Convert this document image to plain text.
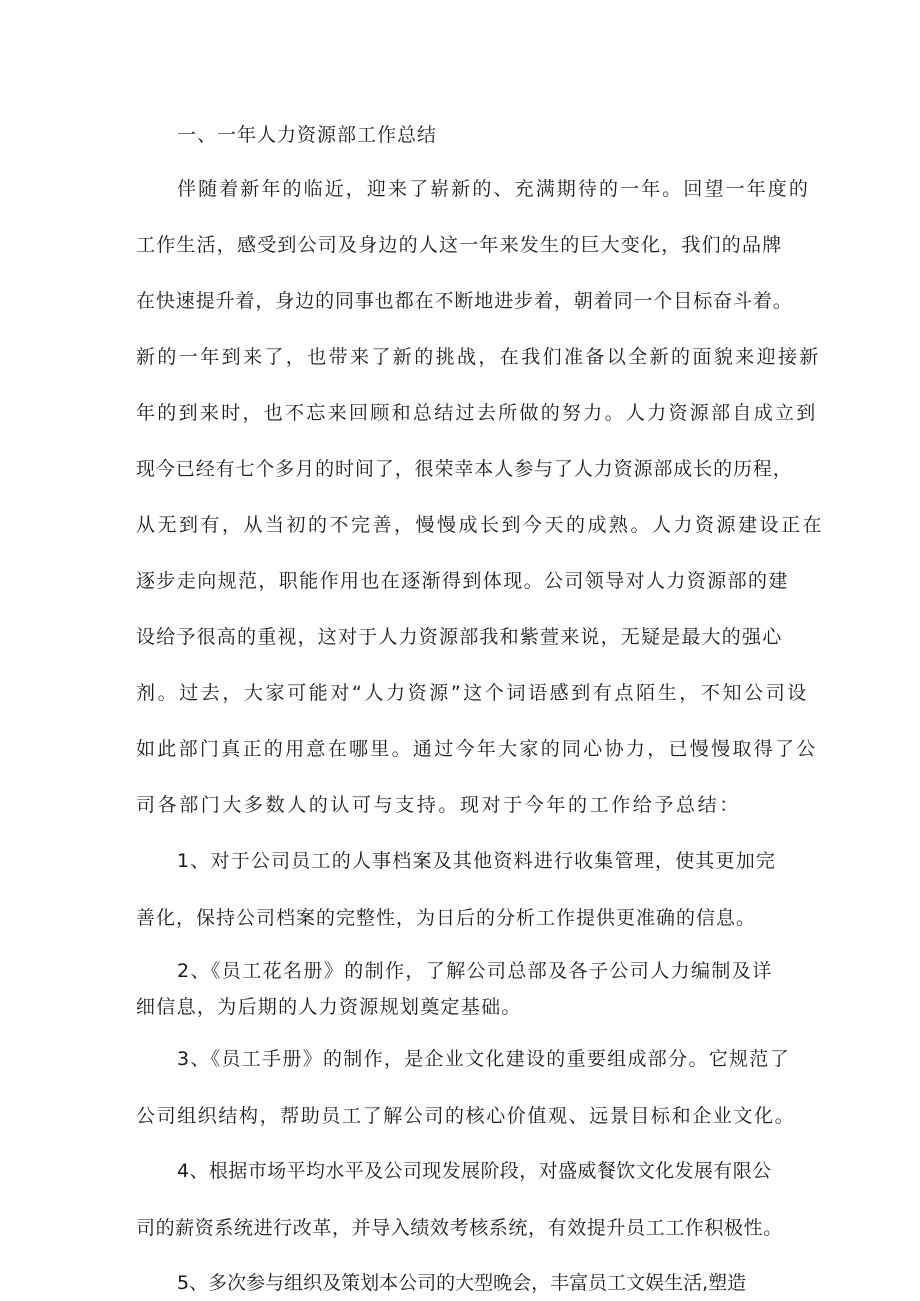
一、一年人力资源部工作总结
伴随着新年的临近，迎来了崭新的、充满期待的一年。回望一年度的
工作生活，感受到公司及身边的人这一年来发生的巨大变化，我们的品牌
在快速提升着，身边的同事也都在不断地进步着，朝着同一个目标奋斗着。
新的一年到来了，也带来了新的挑战，在我们准备以全新的面貌来迎接新
年的到来时，也不忘来回顾和总结过去所做的努力。人力资源部自成立到
现今已经有七个多月的时间了，很荣幸本人参与了人力资源部成长的历程，
从无到有，从当初的不完善，慢慢成长到今天的成熟。人力资源建设正在
逐步走向规范，职能作用也在逐渐得到体现。公司领导对人力资源部的建
设给予很高的重视，这对于人力资源部我和紫萱来说，无疑是最大的强心
剂。过去，大家可能对“人力资源”这个词语感到有点陌生，不知公司设
如此部门真正的用意在哪里。通过今年大家的同心协力，已慢慢取得了公
司各部门大多数人的认可与支持。现对于今年的工作给予总结：
1、对于公司员工的人事档案及其他资料进行收集管理，使其更加完
善化，保持公司档案的完整性，为日后的分析工作提供更准确的信息。
2、《员工花名册》的制作，了解公司总部及各子公司人力编制及详
细信息，为后期的人力资源规划奠定基础。
3、《员工手册》的制作，是企业文化建设的重要组成部分。它规范了
公司组织结构，帮助员工了解公司的核心价值观、远景目标和企业文化。
4、根据市场平均水平及公司现发展阶段，对盛威餐饮文化发展有限公
司的薪资系统进行改革，并导入绩效考核系统，有效提升员工工作积极性。
5、多次参与组织及策划本公司的大型晚会，丰富员工文娱生活,塑造
